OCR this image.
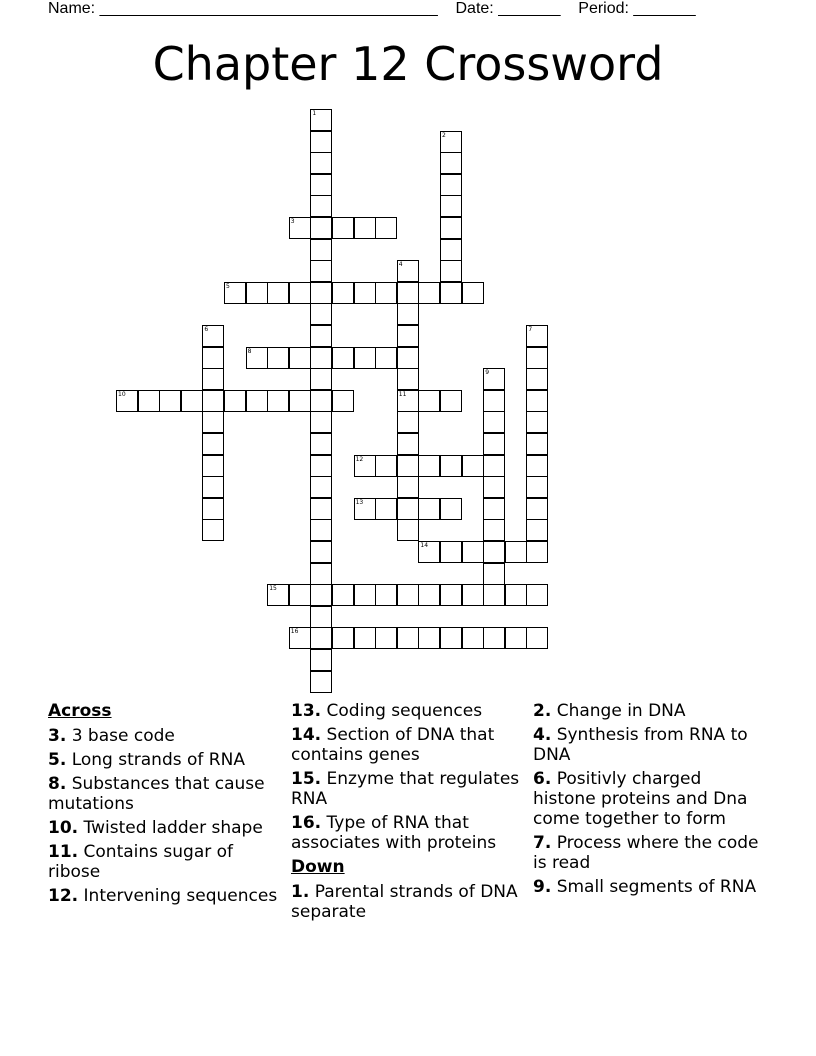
Name: ______________________________________ Date: _______ Period: _______
Chapter 12 Crossword
1
2
3
4
11
5
6	7
8
9
10
12
13
14
15
16
Across
3. 3 base code
5. Long strands of RNA
8. Substances that cause mutations
10. Twisted ladder shape
11. Contains sugar of ribose
12. Intervening sequences
13. Coding sequences
14. Section of DNA that contains genes
15. Enzyme that regulates RNA
16. Type of RNA that associates with proteins
Down
1. Parental strands of DNA separate
2. Change in DNA
4. Synthesis from RNA to DNA
6. Positivly charged histone proteins and Dna come together to form
7. Process where the code is read
9. Small segments of RNA
